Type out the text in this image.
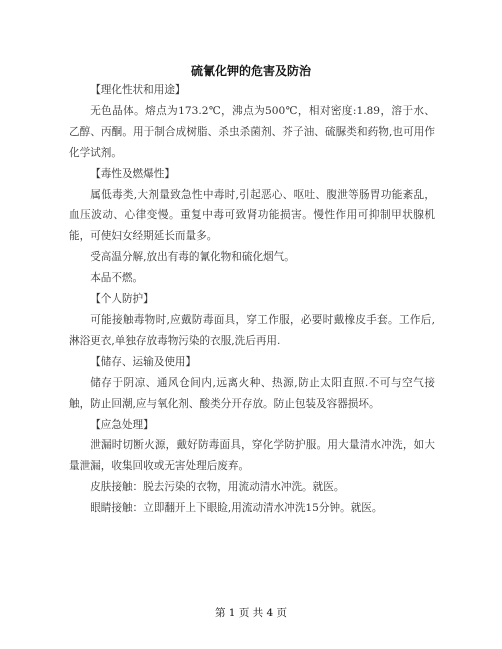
硫氰化钾的危害及防治

【理化性状和用途】

无色晶体。熔点为173.2℃，沸点为500℃，相对密度:1.89，溶于水、乙醇、丙酮。用于制合成树脂、杀虫杀菌剂、芥子油、硫脲类和药物,也可用作化学试剂。

【毒性及燃爆性】

属低毒类,大剂量致急性中毒时,引起恶心、呕吐、腹泄等肠胃功能紊乱，血压波动、心律变慢。重复中毒可致肾功能损害。慢性作用可抑制甲状腺机能，可使妇女经期延长而量多。

受高温分解,放出有毒的氰化物和硫化烟气。

本品不燃。

【个人防护】

可能接触毒物时,应戴防毒面具，穿工作服，必要时戴橡皮手套。工作后,淋浴更衣,单独存放毒物污染的衣服,洗后再用.

【储存、运输及使用】

储存于阴凉、通风仓间内,远离火种、热源,防止太阳直照.不可与空气接触，防止回潮,应与氧化剂、酸类分开存放。防止包装及容器损坏。

【应急处理】

泄漏时切断火源，戴好防毒面具，穿化学防护服。用大量清水冲洗，如大量泄漏，收集回收或无害处理后废弃。

皮肤接触：脱去污染的衣物，用流动清水冲洗。就医。

眼睛接触：立即翻开上下眼睑,用流动清水冲洗15分钟。就医。

第 1 页 共 4 页
